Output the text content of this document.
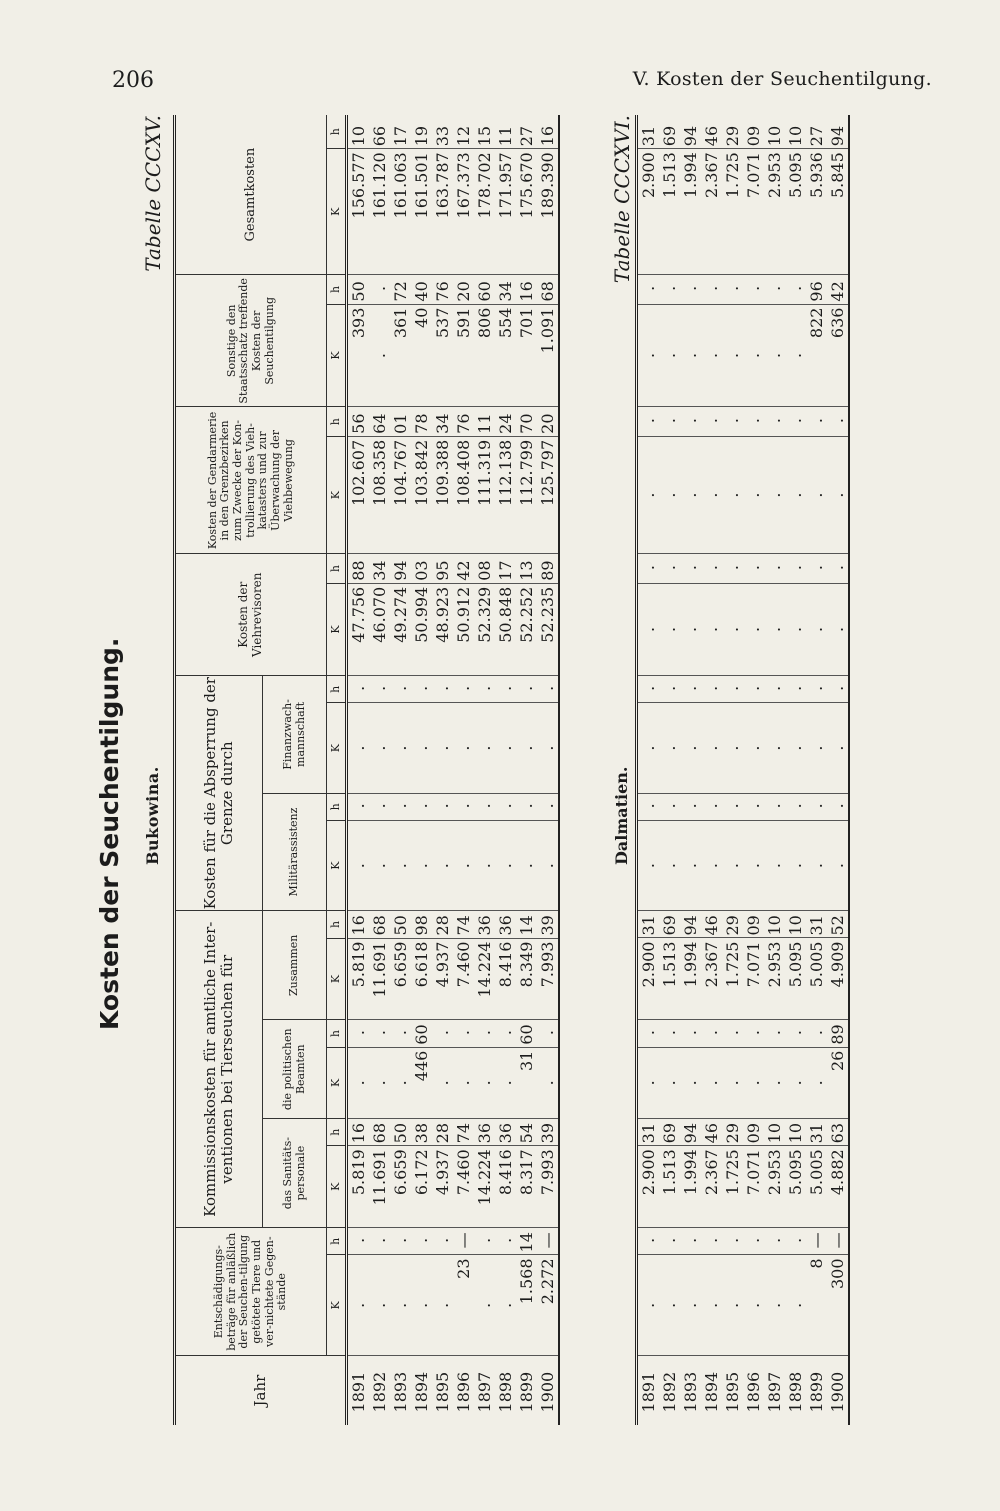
206	V. Kosten der Seuchentilgung.
Kosten der Seuchentilgung. Bukowina.
Tabelle CCCXV.
Jahr	Entschädigungs-beträge für anläßlich der Seuchen-tilgung getötete Tiere und ver-nichtete Gegen-stände		Kommissionskosten für amtliche Inter-ventionen bei Tierseuchen für						Kosten für die Absperrung der Grenze durch				Kosten der Viehrevisoren		Kosten der Gendarmerie in den Grenzbezirken zum Zwecke der Kon-trollierung des Vieh-katasters und zur Überwachung der Viehbewegung		Sonstige den Staatsschatz treffende Kosten der Seuchentilgung		Gesamtkosten	
			das Sanitäts-personale		die politischen Beamten		Zusammen		Militärassistenz		Finanzwach-mannschaft									
	K	h	K	h	K	h	K	h	K	h	K	h	K	h	K	h	K	h	K	h
1891	.	.	5.819	16	.	.	5.819	16	.	.	.	.	47.756	88	102.607	56	393	50	156.577	10
1892	.	.	11.691	68	.	.	11.691	68	.	.	.	.	46.070	34	108.358	64	.	.	161.120	66
1893	.	.	6.659	50	.	.	6.659	50	.	.	.	.	49.274	94	104.767	01	361	72	161.063	17
1894	.	.	6.172	38	446	60	6.618	98	.	.	.	.	50.994	03	103.842	78	40	40	161.501	19
1895	.	.	4.937	28	.	.	4.937	28	.	.	.	.	48.923	95	109.388	34	537	76	163.787	33
1896	23	—	7.460	74	.	.	7.460	74	.	.	.	.	50.912	42	108.408	76	591	20	167.373	12
1897	.	.	14.224	36	.	.	14.224	36	.	.	.	.	52.329	08	111.319	11	806	60	178.702	15
1898	.	.	8.416	36	.	.	8.416	36	.	.	.	.	50.848	17	112.138	24	554	34	171.957	11
1899	1.568	14	8.317	54	31	60	8.349	14	.	.	.	.	52.252	13	112.799	70	701	16	175.670	27
1900	2.272	—	7.993	39	.	.	7.993	39	.	.	.	.	52.235	89	125.797	20	1.091	68	189.390	16
Dalmatien.
Tabelle CCCXVI.
1891	.	.	2.900	31	.	.	2.900	31	.	.	.	.	.	.	.	.	.	.	2.900	31
1892	.	.	1.513	69	.	.	1.513	69	.	.	.	.	.	.	.	.	.	.	1.513	69
1893	.	.	1.994	94	.	.	1.994	94	.	.	.	.	.	.	.	.	.	.	1.994	94
1894	.	.	2.367	46	.	.	2.367	46	.	.	.	.	.	.	.	.	.	.	2.367	46
1895	.	.	1.725	29	.	.	1.725	29	.	.	.	.	.	.	.	.	.	.	1.725	29
1896	.	.	7.071	09	.	.	7.071	09	.	.	.	.	.	.	.	.	.	.	7.071	09
1897	.	.	2.953	10	.	.	2.953	10	.	.	.	.	.	.	.	.	.	.	2.953	10
1898	.	.	5.095	10	.	.	5.095	10	.	.	.	.	.	.	.	.	.	.	5.095	10
1899	8	—	5.005	31	.	.	5.005	31	.	.	.	.	.	.	.	.	822	96	5.936	27
1900	300	—	4.882	63	26	89	4.909	52	.	.	.	.	.	.	.	.	636	42	5.845	94
